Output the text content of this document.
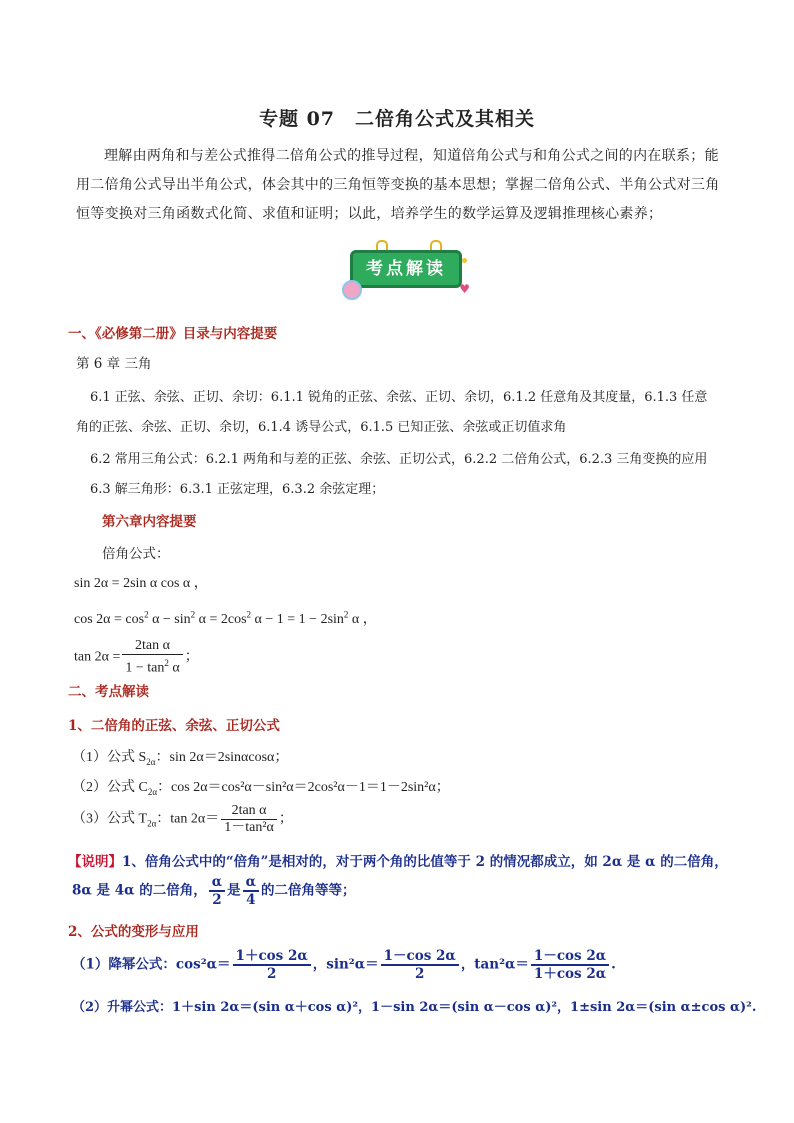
专题 07　二倍角公式及其相关
理解由两角和与差公式推得二倍角公式的推导过程，知道倍角公式与和角公式之间的内在联系；能用二倍角公式导出半角公式，体会其中的三角恒等变换的基本思想；掌握二倍角公式、半角公式对三角恒等变换对三角函数式化简、求值和证明；以此，培养学生的数学运算及逻辑推理核心素养；
考点解读
♥
一、《必修第二册》目录与内容提要
第 6 章 三角
6.1 正弦、余弦、正切、余切：6.1.1 锐角的正弦、余弦、正切、余切，6.1.2 任意角及其度量，6.1.3 任意
角的正弦、余弦、正切、余切，6.1.4 诱导公式，6.1.5 已知正弦、余弦或正切值求角
6.2 常用三角公式：6.2.1 两角和与差的正弦、余弦、正切公式，6.2.2 二倍角公式，6.2.3 三角变换的应用
6.3 解三角形：6.3.1 正弦定理，6.3.2 余弦定理；
第六章内容提要
倍角公式：
sin 2α = 2sin α cos α ，
$\cos 2\alpha = \cos^2 \alpha - \sin^2 \alpha = 2\cos^2$ $\alpha - 1 = 1 - 2\sin^2$ α ，
$\tan 2\alpha = \frac{\text{2tan α}}{1 - \tan^2 \alpha}$ ；
二、考点解读
1、二倍角的正弦、余弦、正切公式
（1）公式 $S_{2\alpha}$：sin 2α＝2sinαcosα；
（2）公式 $C_{2\alpha}$：cos 2α＝cos²α－sin²α＝2cos²α－1＝1－2sin²α；
（3）公式 $T_{2\alpha}$：$\tan 2\alpha= \frac{\text{2tan α}}{\text{1－tan²α}}$ ；
【说明】1、倍角公式中的“倍角”是相对的，对于两个角的比值等于 2 的情况都成立，如 2α 是 α 的二倍角，
8α 是 4α 的二倍角， $\frac{\alpha}{2}$ 是 $\frac{\alpha}{4}$ 的二倍角等等；
2、公式的变形与应用
（1）降幂公式：$\cos^2\alpha= \frac{1+\cos 2\alpha}{2}$ ，$\sin^2\alpha= \frac{1-\cos 2\alpha}{2}$ ，$\tan^2\alpha= \frac{1-\cos 2\alpha}{1+\cos 2\alpha}$ .
（2）升幂公式：1＋sin 2α＝(sin α＋cos α)²，1－sin 2α＝(sin α－cos α)²，1±sin 2α＝(sin α±cos α)².
